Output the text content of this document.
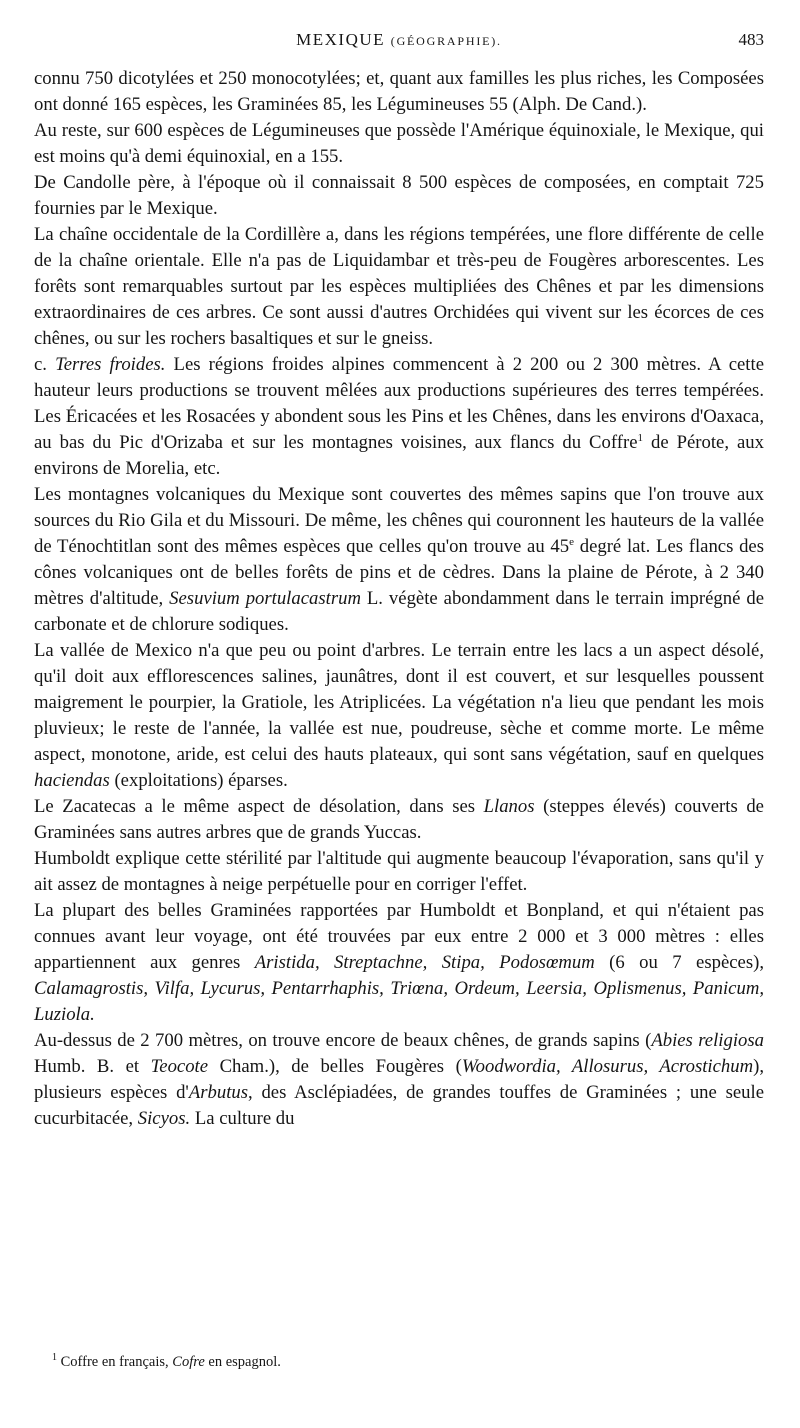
MEXIQUE (GÉOGRAPHIE).	483

connu 750 dicotylées et 250 monocotylées; et, quant aux familles les plus riches, les Composées ont donné 165 espèces, les Graminées 85, les Légumineuses 55 (Alph. De Cand.).

Au reste, sur 600 espèces de Légumineuses que possède l'Amérique équinoxiale, le Mexique, qui est moins qu'à demi équinoxial, en a 155.

De Candolle père, à l'époque où il connaissait 8 500 espèces de composées, en comptait 725 fournies par le Mexique.

La chaîne occidentale de la Cordillère a, dans les régions tempérées, une flore différente de celle de la chaîne orientale. Elle n'a pas de Liquidambar et très-peu de Fougères arborescentes. Les forêts sont remarquables surtout par les espèces multipliées des Chênes et par les dimensions extraordinaires de ces arbres. Ce sont aussi d'autres Orchidées qui vivent sur les écorces de ces chênes, ou sur les rochers basaltiques et sur le gneiss.

c. Terres froides. Les régions froides alpines commencent à 2 200 ou 2 300 mètres. A cette hauteur leurs productions se trouvent mêlées aux productions supérieures des terres tempérées. Les Éricacées et les Rosacées y abondent sous les Pins et les Chênes, dans les environs d'Oaxaca, au bas du Pic d'Orizaba et sur les montagnes voisines, aux flancs du Coffre$^1$ de Pérote, aux environs de Morelia, etc.

Les montagnes volcaniques du Mexique sont couvertes des mêmes sapins que l'on trouve aux sources du Rio Gila et du Missouri. De même, les chênes qui couronnent les hauteurs de la vallée de Ténochtitlan sont des mêmes espèces que celles qu'on trouve au 45e degré lat. Les flancs des cônes volcaniques ont de belles forêts de pins et de cèdres. Dans la plaine de Pérote, à 2 340 mètres d'altitude, Sesuvium portulacastrum L. végète abondamment dans le terrain imprégné de carbonate et de chlorure sodiques.

La vallée de Mexico n'a que peu ou point d'arbres. Le terrain entre les lacs a un aspect désolé, qu'il doit aux efflorescences salines, jaunâtres, dont il est couvert, et sur lesquelles poussent maigrement le pourpier, la Gratiole, les Atriplicées. La végétation n'a lieu que pendant les mois pluvieux; le reste de l'année, la vallée est nue, poudreuse, sèche et comme morte. Le même aspect, monotone, aride, est celui des hauts plateaux, qui sont sans végétation, sauf en quelques haciendas (exploitations) éparses.

Le Zacatecas a le même aspect de désolation, dans ses Llanos (steppes élevés) couverts de Graminées sans autres arbres que de grands Yuccas.

Humboldt explique cette stérilité par l'altitude qui augmente beaucoup l'évaporation, sans qu'il y ait assez de montagnes à neige perpétuelle pour en corriger l'effet.

La plupart des belles Graminées rapportées par Humboldt et Bonpland, et qui n'étaient pas connues avant leur voyage, ont été trouvées par eux entre 2 000 et 3 000 mètres : elles appartiennent aux genres Aristida, Streptachne, Stipa, Podosœmum (6 ou 7 espèces), Calamagrostis, Vilfa, Lycurus, Pentarrhaphis, Triœna, Ordeum, Leersia, Oplismenus, Panicum, Luziola.

Au-dessus de 2 700 mètres, on trouve encore de beaux chênes, de grands sapins (Abies religiosa Humb. B. et Teocote Cham.), de belles Fougères (Woodwordia, Allosurus, Acrostichum), plusieurs espèces d'Arbutus, des Asclépiadées, de grandes touffes de Graminées ; une seule cucurbitacée, Sicyos. La culture du

$^1$ Coffre en français, Cofre en espagnol.
